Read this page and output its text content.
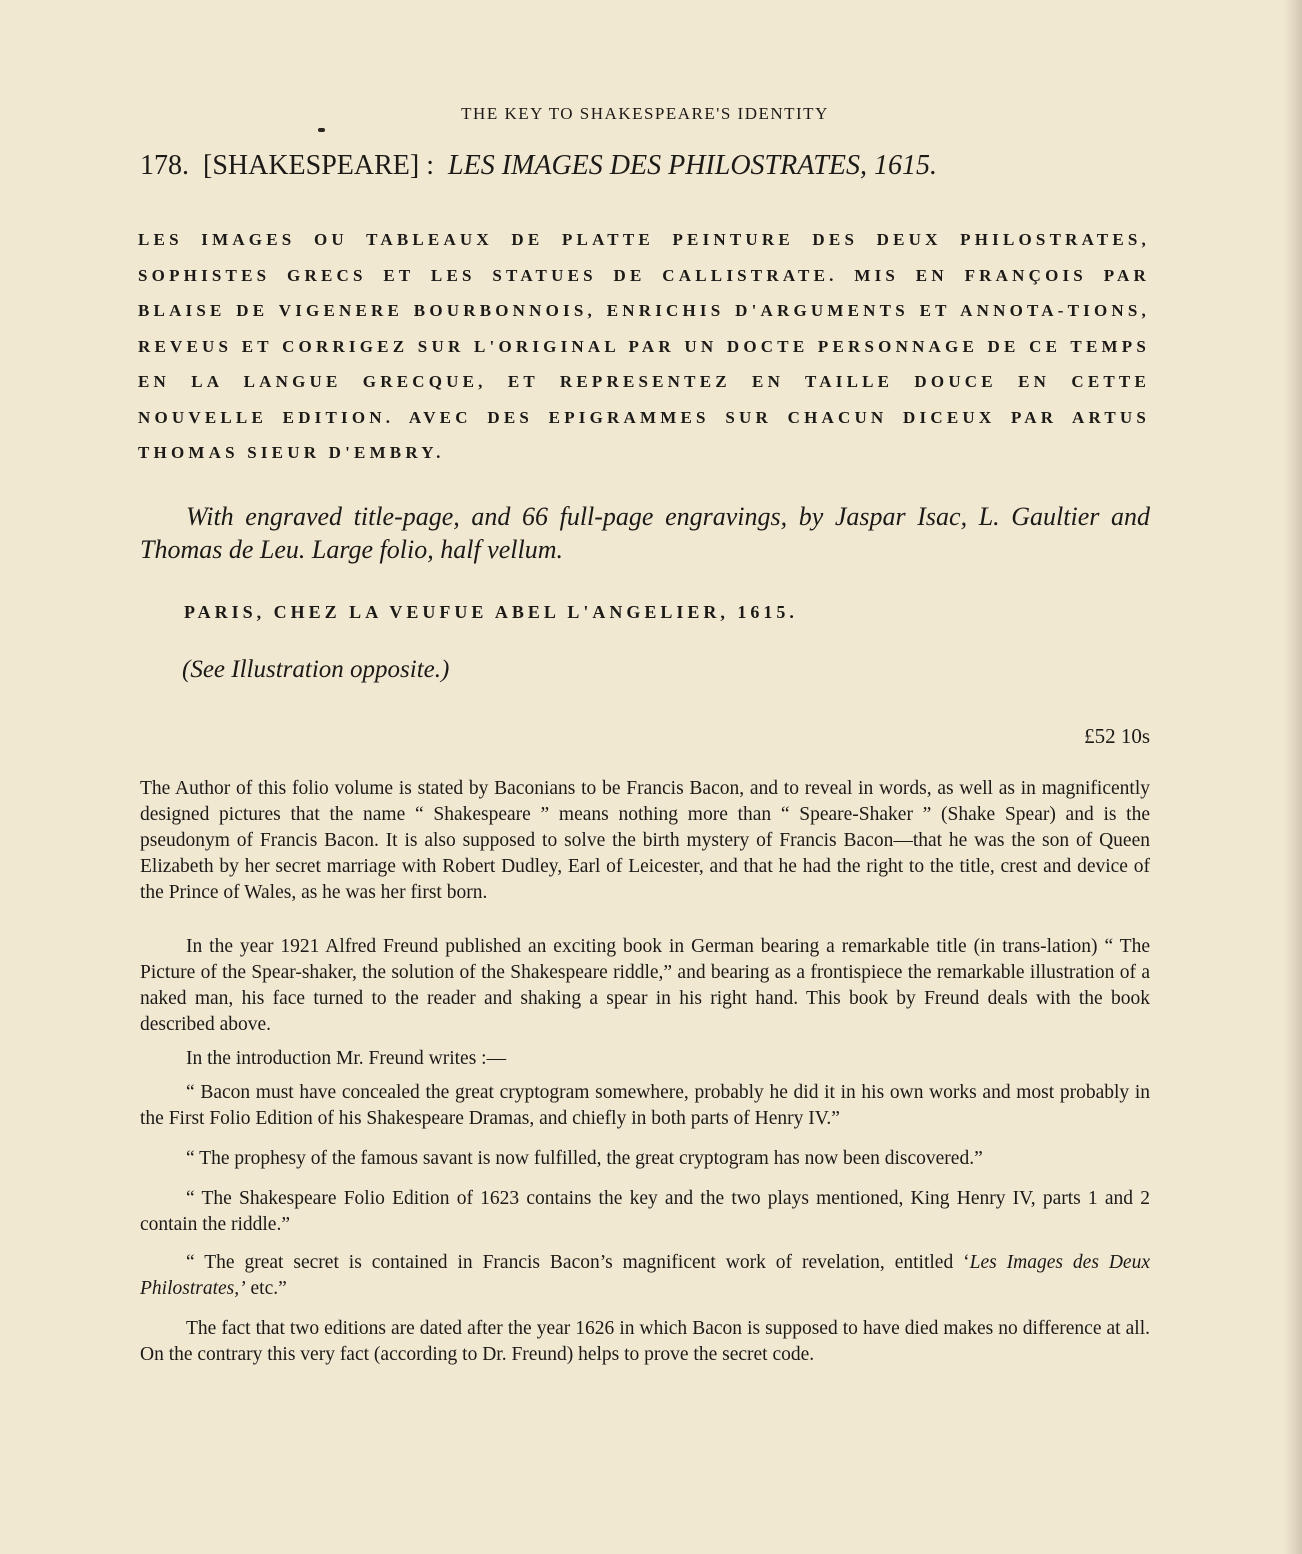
THE KEY TO SHAKESPEARE'S IDENTITY
178. [SHAKESPEARE] : LES IMAGES DES PHILOSTRATES, 1615.

LES IMAGES OU TABLEAUX DE PLATTE PEINTURE DES DEUX PHILOSTRATES, SOPHISTES GRECS ET LES STATUES DE CALLISTRATE. MIS EN FRANÇOIS PAR BLAISE DE VIGENERE BOURBONNOIS, ENRICHIS D'ARGUMENTS ET ANNOTA-TIONS, REVEUS ET CORRIGEZ SUR L'ORIGINAL PAR UN DOCTE PERSONNAGE DE CE TEMPS EN LA LANGUE GRECQUE, ET REPRESENTEZ EN TAILLE DOUCE EN CETTE NOUVELLE EDITION. AVEC DES EPIGRAMMES SUR CHACUN DICEUX PAR ARTUS THOMAS SIEUR D'EMBRY.

With engraved title-page, and 66 full-page engravings, by Jaspar Isac, L. Gaultier and Thomas de Leu. Large folio, half vellum.

PARIS, CHEZ LA VEUFUE ABEL L'ANGELIER, 1615.
(See Illustration opposite.)
£52 10s

The Author of this folio volume is stated by Baconians to be Francis Bacon, and to reveal in words, as well as in magnificently designed pictures that the name “ Shakespeare ” means nothing more than “ Speare-Shaker ” (Shake Spear) and is the pseudonym of Francis Bacon. It is also supposed to solve the birth mystery of Francis Bacon—that he was the son of Queen Elizabeth by her secret marriage with Robert Dudley, Earl of Leicester, and that he had the right to the title, crest and device of the Prince of Wales, as he was her first born.

In the year 1921 Alfred Freund published an exciting book in German bearing a remarkable title (in trans-lation) “ The Picture of the Spear-shaker, the solution of the Shakespeare riddle,” and bearing as a frontispiece the remarkable illustration of a naked man, his face turned to the reader and shaking a spear in his right hand. This book by Freund deals with the book described above.

In the introduction Mr. Freund writes :—

“ Bacon must have concealed the great cryptogram somewhere, probably he did it in his own works and most probably in the First Folio Edition of his Shakespeare Dramas, and chiefly in both parts of Henry IV.”

“ The prophesy of the famous savant is now fulfilled, the great cryptogram has now been discovered.”

“ The Shakespeare Folio Edition of 1623 contains the key and the two plays mentioned, King Henry IV, parts 1 and 2 contain the riddle.”

“ The great secret is contained in Francis Bacon’s magnificent work of revelation, entitled ‘Les Images des Deux Philostrates,’ etc.”

The fact that two editions are dated after the year 1626 in which Bacon is supposed to have died makes no difference at all. On the contrary this very fact (according to Dr. Freund) helps to prove the secret code.
